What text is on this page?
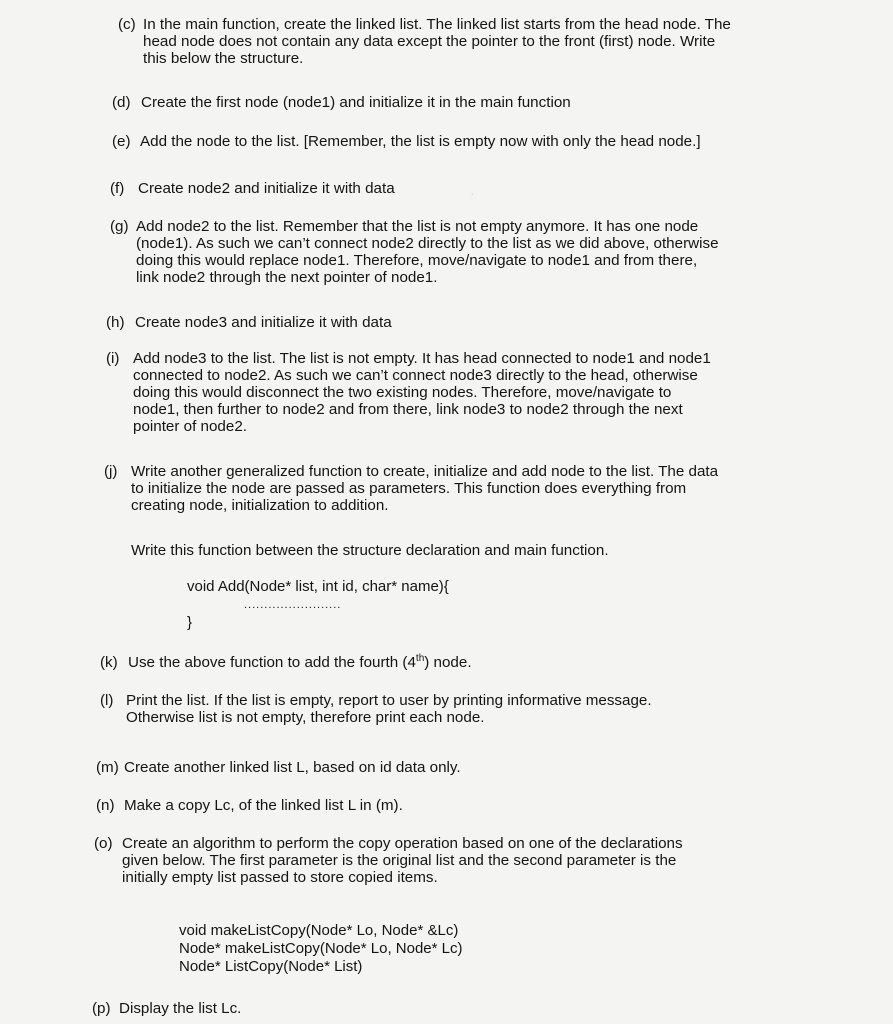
·
(c) In the main function, create the linked list. The linked list starts from the head node. The
head node does not contain any data except the pointer to the front (first) node. Write
this below the structure.
(d) Create the first node (node1) and initialize it in the main function
(e) Add the node to the list. [Remember, the list is empty now with only the head node.]
(f) Create node2 and initialize it with data
(g) Add node2 to the list. Remember that the list is not empty anymore. It has one node
(node1). As such we can’t connect node2 directly to the list as we did above, otherwise
doing this would replace node1. Therefore, move/navigate to node1 and from there,
link node2 through the next pointer of node1.
(h) Create node3 and initialize it with data
(i) Add node3 to the list. The list is not empty. It has head connected to node1 and node1
connected to node2. As such we can’t connect node3 directly to the head, otherwise
doing this would disconnect the two existing nodes. Therefore, move/navigate to
node1, then further to node2 and from there, link node3 to node2 through the next
pointer of node2.
(j) Write another generalized function to create, initialize and add node to the list. The data
to initialize the node are passed as parameters. This function does everything from
creating node, initialization to addition.
Write this function between the structure declaration and main function.
void Add(Node* list, int id, char* name){
........................
}
(k) Use the above function to add the fourth (4th) node.
(l) Print the list. If the list is empty, report to user by printing informative message.
Otherwise list is not empty, therefore print each node.
(m) Create another linked list L, based on id data only.
(n) Make a copy Lc, of the linked list L in (m).
(o) Create an algorithm to perform the copy operation based on one of the declarations
given below. The first parameter is the original list and the second parameter is the
initially empty list passed to store copied items.
void makeListCopy(Node* Lo, Node* &Lc)
Node* makeListCopy(Node* Lo, Node* Lc)
Node* ListCopy(Node* List)
(p) Display the list Lc.
